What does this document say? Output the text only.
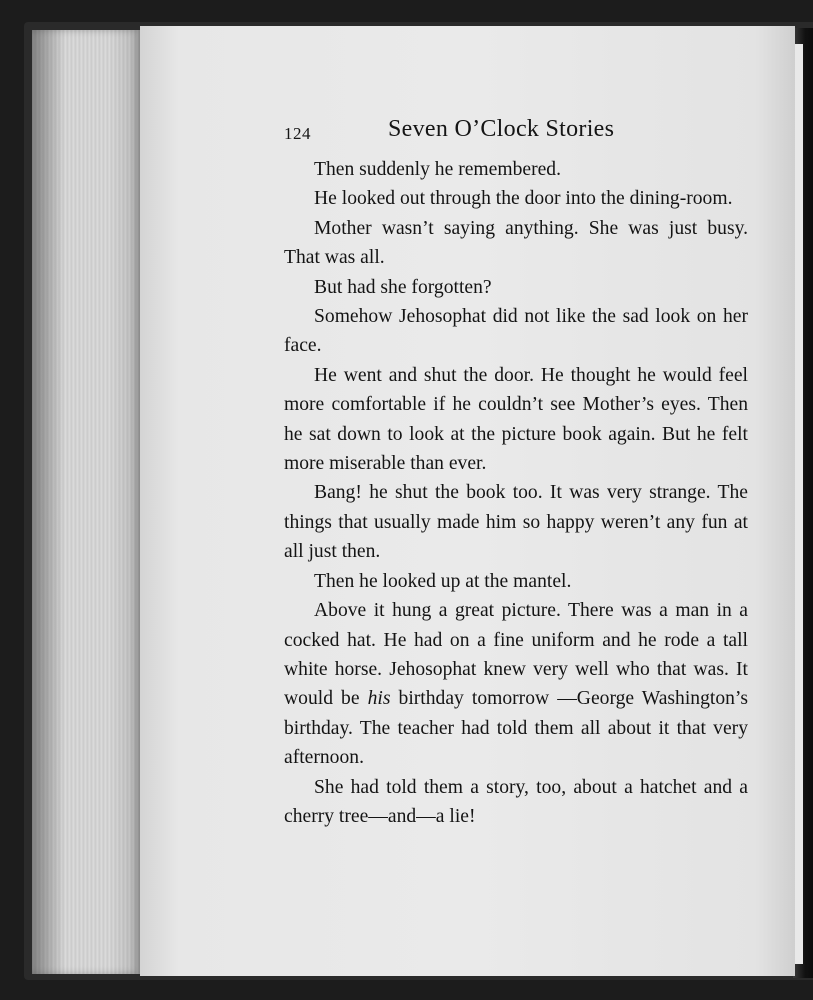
124	Seven O’Clock Stories

Then suddenly he remembered.

He looked out through the door into the dining-room.

Mother wasn’t saying anything. She was just busy. That was all.

But had she forgotten?

Somehow Jehosophat did not like the sad look on her face.

He went and shut the door. He thought he would feel more comfortable if he couldn’t see Mother’s eyes. Then he sat down to look at the picture book again. But he felt more miserable than ever.

Bang! he shut the book too. It was very strange. The things that usually made him so happy weren’t any fun at all just then.

Then he looked up at the mantel.

Above it hung a great picture. There was a man in a cocked hat. He had on a fine uniform and he rode a tall white horse. Jehosophat knew very well who that was. It would be his birthday tomorrow —George Washington’s birthday. The teacher had told them all about it that very afternoon.

She had told them a story, too, about a hatchet and a cherry tree—and—a lie!
